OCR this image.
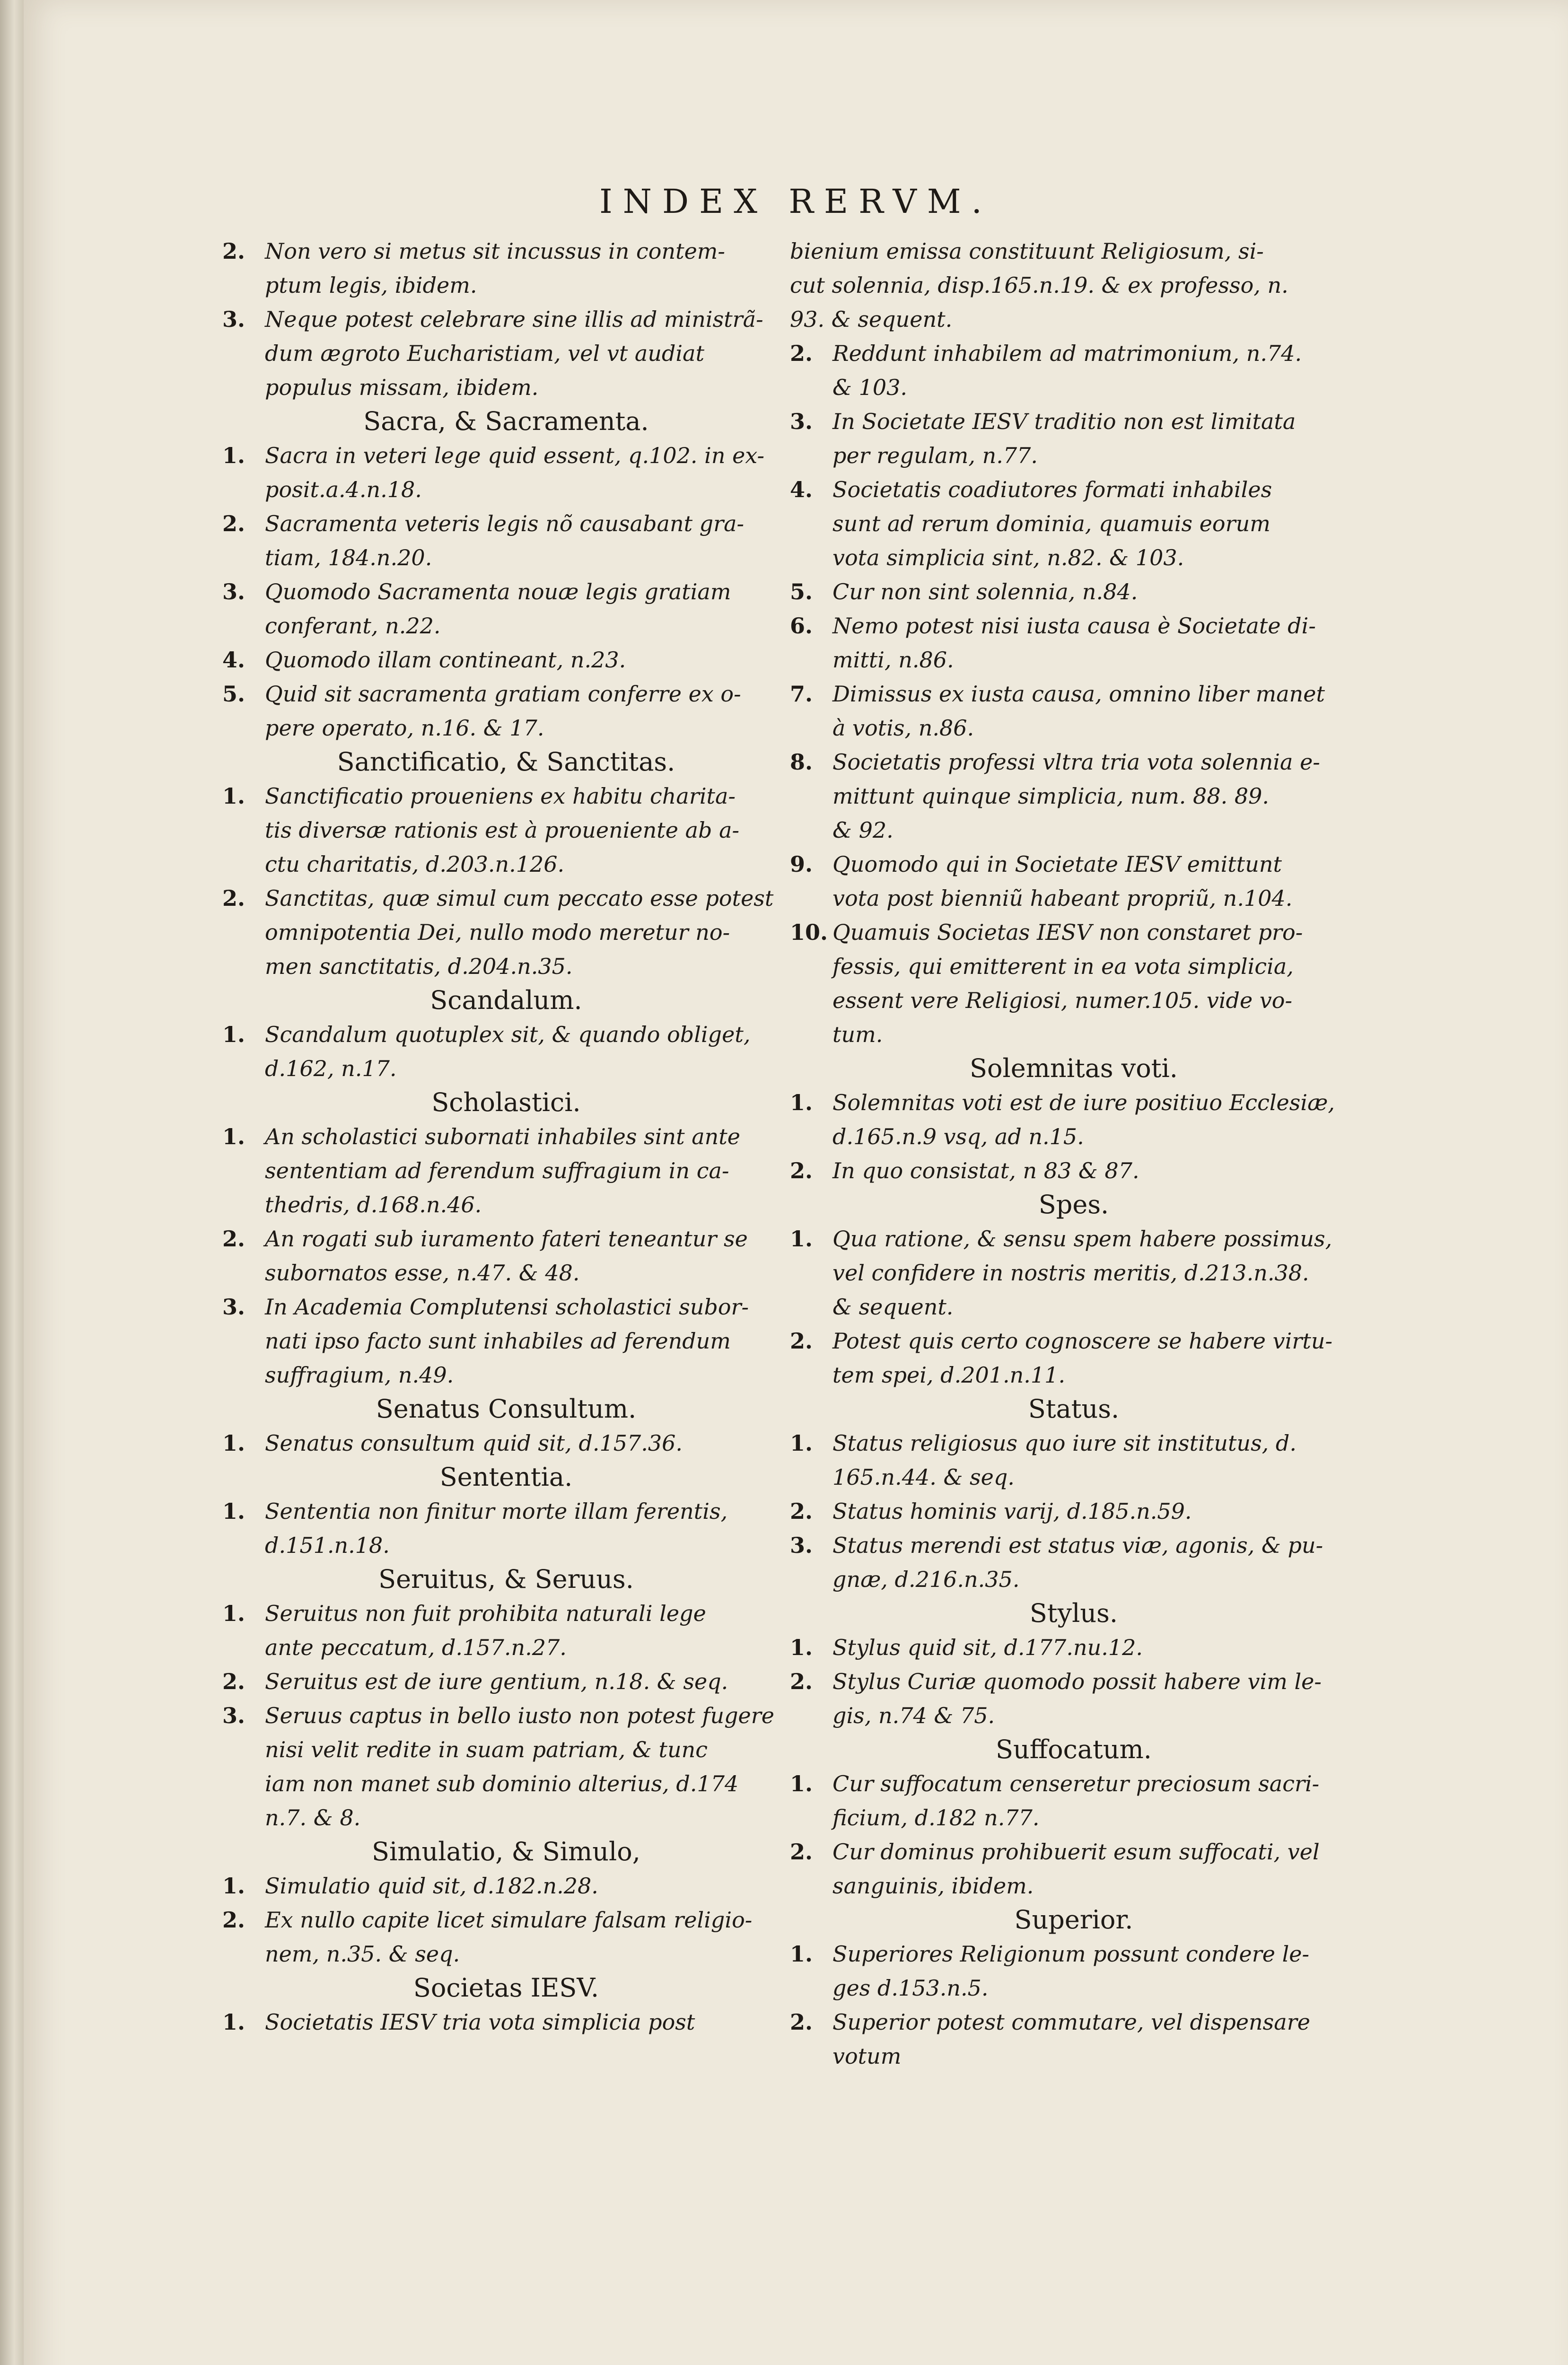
INDEX RERVM.
2. Non vero si metus sit incussus in contem-
ptum legis, ibidem.
3. Neque potest celebrare sine illis ad ministrã-
dum ægroto Eucharistiam, vel vt audiat
populus missam, ibidem.
Sacra, & Sacramenta.
1. Sacra in veteri lege quid essent, q.102. in ex-
posit.a.4.n.18.
2. Sacramenta veteris legis nõ causabant gra-
tiam, 184.n.20.
3. Quomodo Sacramenta nouæ legis gratiam
conferant, n.22.
4. Quomodo illam contineant, n.23.
5. Quid sit sacramenta gratiam conferre ex o-
pere operato, n.16. & 17.
Sanctificatio, & Sanctitas.
1. Sanctificatio proueniens ex habitu charita-
tis diversæ rationis est à proueniente ab a-
ctu charitatis, d.203.n.126.
2. Sanctitas, quæ simul cum peccato esse potest
omnipotentia Dei, nullo modo meretur no-
men sanctitatis, d.204.n.35.
Scandalum.
1. Scandalum quotuplex sit, & quando obliget,
d.162, n.17.
Scholastici.
1. An scholastici subornati inhabiles sint ante
sententiam ad ferendum suffragium in ca-
thedris, d.168.n.46.
2. An rogati sub iuramento fateri teneantur se
subornatos esse, n.47. & 48.
3. In Academia Complutensi scholastici subor-
nati ipso facto sunt inhabiles ad ferendum
suffragium, n.49.
Senatus Consultum.
1. Senatus consultum quid sit, d.157.36.
Sententia.
1. Sententia non finitur morte illam ferentis,
d.151.n.18.
Seruitus, & Seruus.
1. Seruitus non fuit prohibita naturali lege
ante peccatum, d.157.n.27.
2. Seruitus est de iure gentium, n.18. & seq.
3. Seruus captus in bello iusto non potest fugere
nisi velit redite in suam patriam, & tunc
iam non manet sub dominio alterius, d.174
n.7. & 8.
Simulatio, & Simulo,
1. Simulatio quid sit, d.182.n.28.
2. Ex nullo capite licet simulare falsam religio-
nem, n.35. & seq.
Societas IESV.
1. Societatis IESV tria vota simplicia post
bienium emissa constituunt Religiosum, si-
cut solennia, disp.165.n.19. & ex professo, n.
93. & sequent.
2. Reddunt inhabilem ad matrimonium, n.74.
& 103.
3. In Societate IESV traditio non est limitata
per regulam, n.77.
4. Societatis coadiutores formati inhabiles
sunt ad rerum dominia, quamuis eorum
vota simplicia sint, n.82. & 103.
5. Cur non sint solennia, n.84.
6. Nemo potest nisi iusta causa è Societate di-
mitti, n.86.
7. Dimissus ex iusta causa, omnino liber manet
à votis, n.86.
8. Societatis professi vltra tria vota solennia e-
mittunt quinque simplicia, num. 88. 89.
& 92.
9. Quomodo qui in Societate IESV emittunt
vota post bienniũ habeant propriũ, n.104.
10. Quamuis Societas IESV non constaret pro-
fessis, qui emitterent in ea vota simplicia,
essent vere Religiosi, numer.105. vide vo-
tum.
Solemnitas voti.
1. Solemnitas voti est de iure positiuo Ecclesiæ,
d.165.n.9 vsq, ad n.15.
2. In quo consistat, n 83 & 87.
Spes.
1. Qua ratione, & sensu spem habere possimus,
vel confidere in nostris meritis, d.213.n.38.
& sequent.
2. Potest quis certo cognoscere se habere virtu-
tem spei, d.201.n.11.
Status.
1. Status religiosus quo iure sit institutus, d.
165.n.44. & seq.
2. Status hominis varij, d.185.n.59.
3. Status merendi est status viæ, agonis, & pu-
gnæ, d.216.n.35.
Stylus.
1. Stylus quid sit, d.177.nu.12.
2. Stylus Curiæ quomodo possit habere vim le-
gis, n.74 & 75.
Suffocatum.
1. Cur suffocatum censeretur preciosum sacri-
ficium, d.182 n.77.
2. Cur dominus prohibuerit esum suffocati, vel
sanguinis, ibidem.
Superior.
1. Superiores Religionum possunt condere le-
ges d.153.n.5.
2. Superior potest commutare, vel dispensare
votum
